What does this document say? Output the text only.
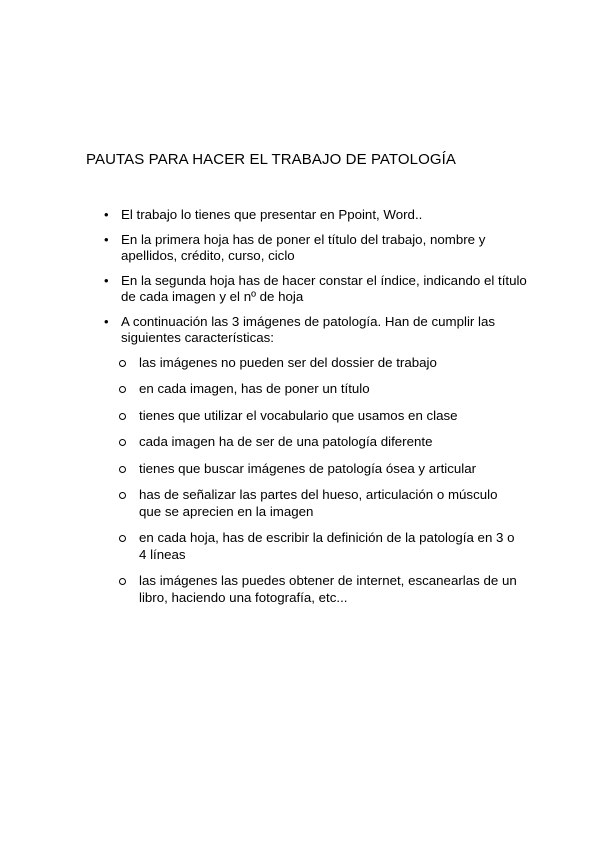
PAUTAS PARA HACER EL TRABAJO DE PATOLOGÍA
• El trabajo lo tienes que presentar en Ppoint, Word..
• En la primera hoja has de poner el título del trabajo, nombre y apellidos, crédito, curso, ciclo
• En la segunda hoja has de hacer constar el índice, indicando el título de cada imagen y el nº de hoja
• A continuación las 3 imágenes de patología. Han de cumplir las siguientes características:
las imágenes no pueden ser del dossier de trabajo
en cada imagen, has de poner un título
tienes que utilizar el vocabulario que usamos en clase
cada imagen ha de ser de una patología diferente
tienes que buscar imágenes de patología ósea y articular
has de señalizar las partes del hueso, articulación o músculo que se aprecien en la imagen
en cada hoja, has de escribir la definición de la patología en 3 o 4 líneas
las imágenes las puedes obtener de internet, escanearlas de un libro, haciendo una fotografía, etc...
